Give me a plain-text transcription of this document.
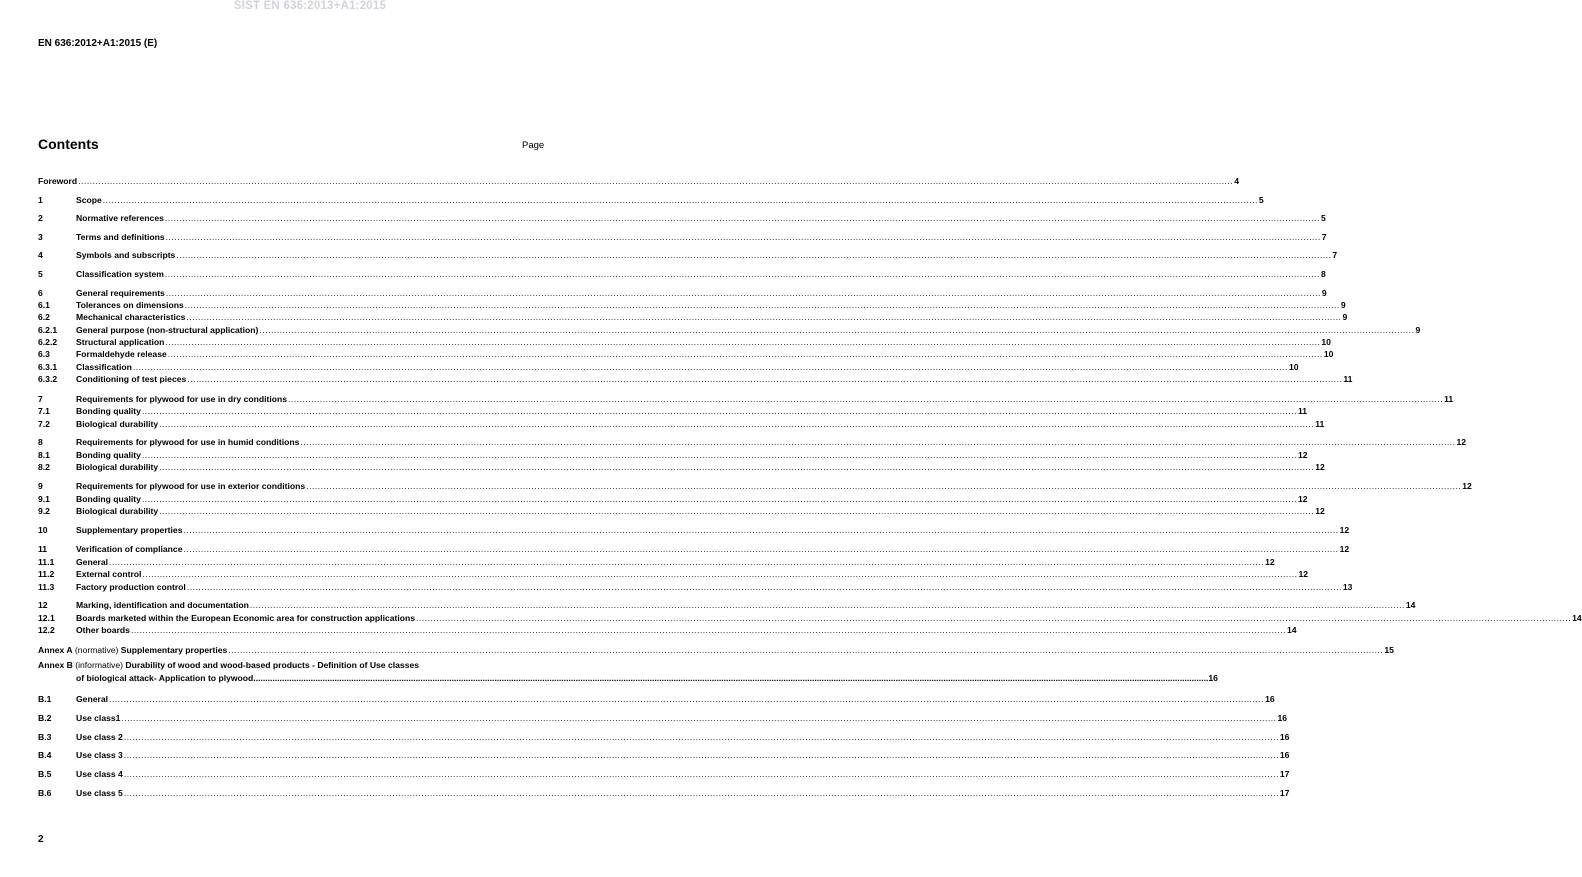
SIST EN 636:2013+A1:2015
EN 636:2012+A1:2015 (E)
Contents	Page
Foreword ................................................................................................................................................................................................................................................................................................................................................................................................................ 4
1	Scope ................................................................................................................................................................................................................................................................................................................................................................................................................ 5
2	Normative references ................................................................................................................................................................................................................................................................................................................................................................................................................ 5
3	Terms and definitions ................................................................................................................................................................................................................................................................................................................................................................................................................ 7
4	Symbols and subscripts ................................................................................................................................................................................................................................................................................................................................................................................................................ 7
5	Classification system ................................................................................................................................................................................................................................................................................................................................................................................................................ 8
6	General requirements ................................................................................................................................................................................................................................................................................................................................................................................................................ 9
6.1	Tolerances on dimensions ................................................................................................................................................................................................................................................................................................................................................................................................................ 9
6.2	Mechanical characteristics ................................................................................................................................................................................................................................................................................................................................................................................................................ 9
6.2.1	General purpose (non-structural application) ................................................................................................................................................................................................................................................................................................................................................................................................................ 9
6.2.2	Structural application ................................................................................................................................................................................................................................................................................................................................................................................................................ 10
6.3	Formaldehyde release ................................................................................................................................................................................................................................................................................................................................................................................................................ 10
6.3.1	Classification ................................................................................................................................................................................................................................................................................................................................................................................................................ 10
6.3.2	Conditioning of test pieces ................................................................................................................................................................................................................................................................................................................................................................................................................ 11
7	Requirements for plywood for use in dry conditions ................................................................................................................................................................................................................................................................................................................................................................................................................ 11
7.1	Bonding quality ................................................................................................................................................................................................................................................................................................................................................................................................................ 11
7.2	Biological durability ................................................................................................................................................................................................................................................................................................................................................................................................................ 11
8	Requirements for plywood for use in humid conditions ................................................................................................................................................................................................................................................................................................................................................................................................................ 12
8.1	Bonding quality ................................................................................................................................................................................................................................................................................................................................................................................................................ 12
8.2	Biological durability ................................................................................................................................................................................................................................................................................................................................................................................................................ 12
9	Requirements for plywood for use in exterior conditions ................................................................................................................................................................................................................................................................................................................................................................................................................ 12
9.1	Bonding quality ................................................................................................................................................................................................................................................................................................................................................................................................................ 12
9.2	Biological durability ................................................................................................................................................................................................................................................................................................................................................................................................................ 12
10	Supplementary properties ................................................................................................................................................................................................................................................................................................................................................................................................................ 12
11	Verification of compliance ................................................................................................................................................................................................................................................................................................................................................................................................................ 12
11.1	General ................................................................................................................................................................................................................................................................................................................................................................................................................ 12
11.2	External control ................................................................................................................................................................................................................................................................................................................................................................................................................ 12
11.3	Factory production control ................................................................................................................................................................................................................................................................................................................................................................................................................ 13
12	Marking, identification and documentation ................................................................................................................................................................................................................................................................................................................................................................................................................ 14
12.1	Boards marketed within the European Economic area for construction applications ................................................................................................................................................................................................................................................................................................................................................................................................................ 14
12.2	Other boards ................................................................................................................................................................................................................................................................................................................................................................................................................ 14
Annex A (normative) Supplementary properties ................................................................................................................................................................................................................................................................................................................................................................................................................ 15
Annex B (informative) Durability of wood and wood-based products - Definition of Use classes
of biological attack- Application to plywood ................................................................................................................................................................................................................................................................................................................................................................................................................ 16
B.1	General ................................................................................................................................................................................................................................................................................................................................................................................................................ 16
B.2	Use class1 ................................................................................................................................................................................................................................................................................................................................................................................................................ 16
B.3	Use class 2 ................................................................................................................................................................................................................................................................................................................................................................................................................ 16
B.4	Use class 3 ................................................................................................................................................................................................................................................................................................................................................................................................................ 16
B.5	Use class 4 ................................................................................................................................................................................................................................................................................................................................................................................................................ 17
B.6	Use class 5 ................................................................................................................................................................................................................................................................................................................................................................................................................ 17
2
